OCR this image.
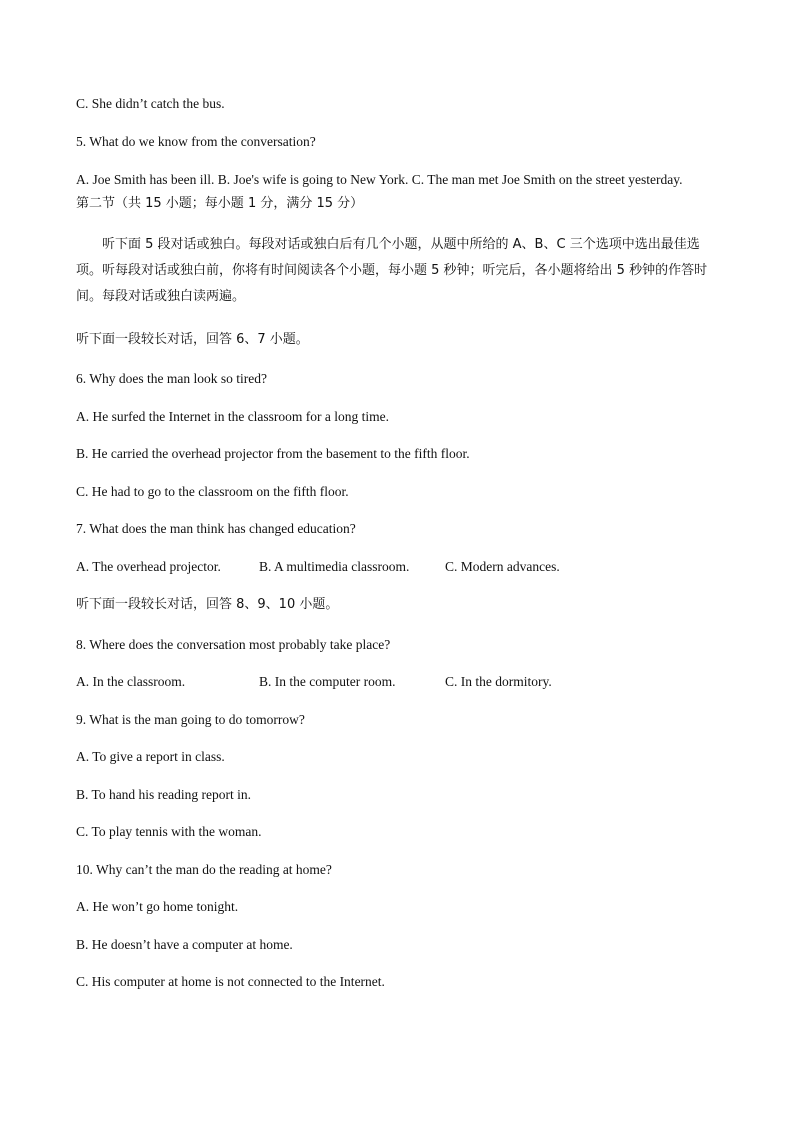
C. She didn’t catch the bus.
5. What do we know from the conversation?
A. Joe Smith has been ill. B. Joe's wife is going to New York. C. The man met Joe Smith on the street yesterday.
第二节（共 15 小题；每小题 1 分，满分 15 分）
听下面 5 段对话或独白。每段对话或独白后有几个小题，从题中所给的 A、B、C 三个选项中选出最佳选项。听每段对话或独白前，你将有时间阅读各个小题，每小题 5 秒钟；听完后，各小题将给出 5 秒钟的作答时间。每段对话或独白读两遍。
听下面一段较长对话，回答 6、7 小题。
6. Why does the man look so tired?
A. He surfed the Internet in the classroom for a long time.
B. He carried the overhead projector from the basement to the fifth floor.
C. He had to go to the classroom on the fifth floor.
7. What does the man think has changed education?
A. The overhead projector.	B. A multimedia classroom.	C. Modern advances.
听下面一段较长对话，回答 8、9、10 小题。
8. Where does the conversation most probably take place?
A. In the classroom.	B. In the computer room.	C. In the dormitory.
9. What is the man going to do tomorrow?
A. To give a report in class.
B. To hand his reading report in.
C. To play tennis with the woman.
10. Why can’t the man do the reading at home?
A. He won’t go home tonight.
B. He doesn’t have a computer at home.
C. His computer at home is not connected to the Internet.
